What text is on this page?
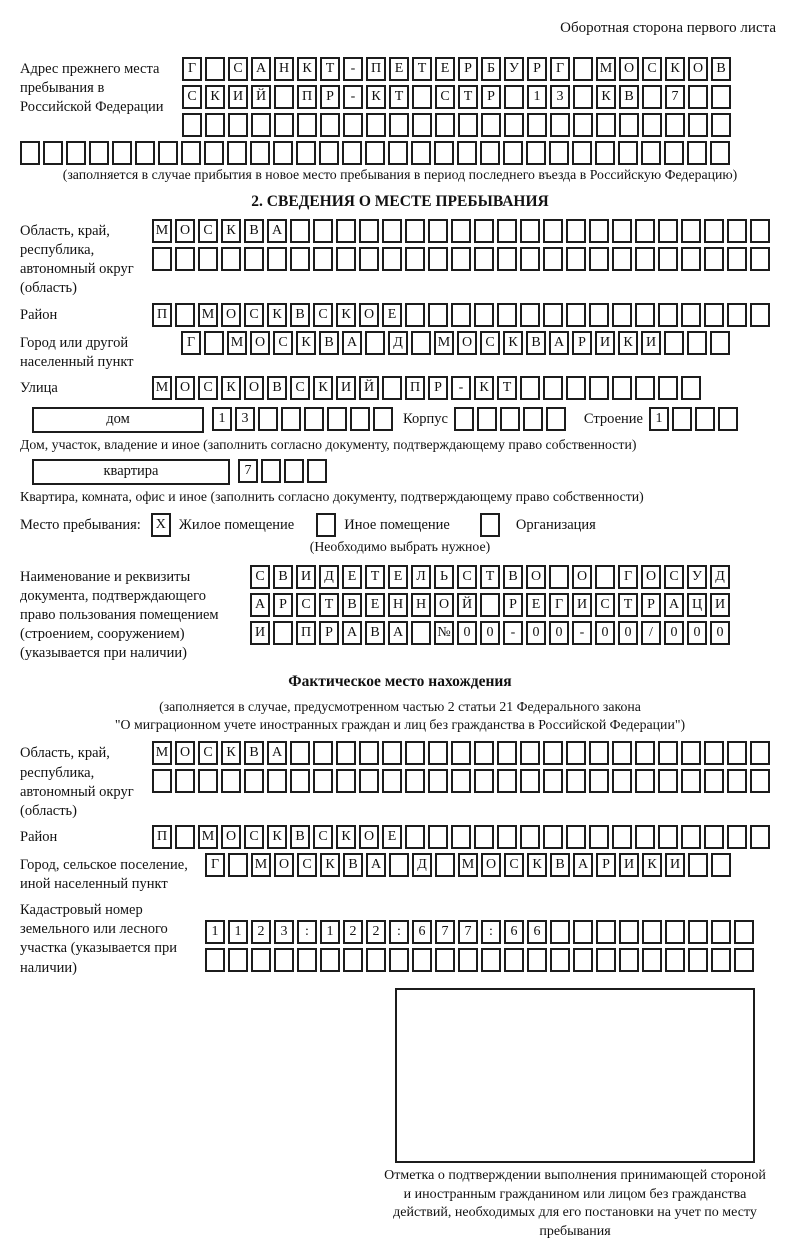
Оборотная сторона первого листа
Адрес прежнего места пребывания в Российской Федерации
Г	С А Н К	Т	-	П Е	Т	Е	Р	Б	У	Р	Г	М О С К О В
С К И Й	П	Р	-	К	Т	С	Т	Р	1	3	К В	7
(заполняется в случае прибытия в новое место пребывания в период последнего въезда в Российскую Федерацию)
2. СВЕДЕНИЯ О МЕСТЕ ПРЕБЫВАНИЯ
Область, край, республика, автономный округ (область)
М О С К В А
Район	П	М О С К В С К О Е
Город или другой населенный пункт
Г	М О С К В А	Д	М О С К В А	Р	И К И
Улица	М О С К О В С К И Й	П	Р	-	К	Т
дом	1	3	Корпус	Строение 1
Дом, участок, владение и иное (заполнить согласно документу, подтверждающему право собственности)
квартира	7
Квартира, комната, офис и иное (заполнить согласно документу, подтверждающему право собственности)
Место пребывания:	X Жилое помещение	Иное помещение	Организация
(Необходимо выбрать нужное)
Наименование и реквизиты документа, подтверждающего право пользования помещением (строением, сооружением) (указывается при наличии)
С В И Д Е	Т	Е Л	Ь	С	Т	В О	О	Г О С У Д
А	Р	С	Т	В	Е Н Н О Й	Р	Е	Г И С	Т	Р	А Ц И
И	П	Р	А В А	№ 0	0	-	0	0	-	0	0	/	0	0	0
Фактическое место нахождения
(заполняется в случае, предусмотренном частью 2 статьи 21 Федерального закона
"О миграционном учете иностранных граждан и лиц без гражданства в Российской Федерации")
Область, край, республика, автономный округ (область)
М О С К В А
Район	П	М О С К В С К О Е
Город, сельское поселение, иной населенный пункт
Г	М О С К В А	Д	М О С К В А	Р	И К И
Кадастровый номер земельного или лесного участка (указывается при наличии)
1	1	2	3	:	1	2	2	:	6	7	7	:	6	6
Отметка о подтверждении выполнения принимающей стороной и иностранным гражданином или лицом без гражданства действий, необходимых для его постановки на учет по месту пребывания
